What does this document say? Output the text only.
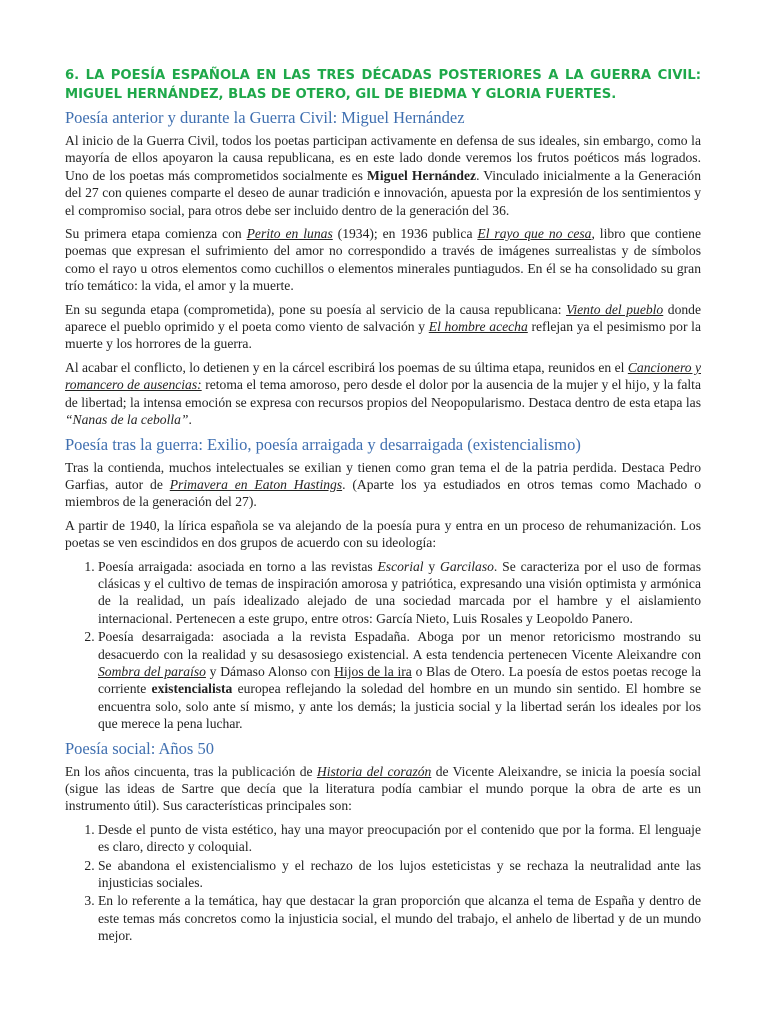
6. LA POESÍA ESPAÑOLA EN LAS TRES DÉCADAS POSTERIORES A LA GUERRA CIVIL: MIGUEL HERNÁNDEZ, BLAS DE OTERO, GIL DE BIEDMA Y GLORIA FUERTES.
Poesía anterior y durante la Guerra Civil: Miguel Hernández

Al inicio de la Guerra Civil, todos los poetas participan activamente en defensa de sus ideales, sin embargo, como la mayoría de ellos apoyaron la causa republicana, es en este lado donde veremos los frutos poéticos más logrados. Uno de los poetas más comprometidos socialmente es Miguel Hernández. Vinculado inicialmente a la Generación del 27 con quienes comparte el deseo de aunar tradición e innovación, apuesta por la expresión de los sentimientos y el compromiso social, para otros debe ser incluido dentro de la generación del 36.

Su primera etapa comienza con Perito en lunas (1934); en 1936 publica El rayo que no cesa, libro que contiene poemas que expresan el sufrimiento del amor no correspondido a través de imágenes surrealistas y de símbolos como el rayo u otros elementos como cuchillos o elementos minerales puntiagudos. En él se ha consolidado su gran trío temático: la vida, el amor y la muerte.

En su segunda etapa (comprometida), pone su poesía al servicio de la causa republicana: Viento del pueblo donde aparece el pueblo oprimido y el poeta como viento de salvación y El hombre acecha reflejan ya el pesimismo por la muerte y los horrores de la guerra.

Al acabar el conflicto, lo detienen y en la cárcel escribirá los poemas de su última etapa, reunidos en el Cancionero y romancero de ausencias: retoma el tema amoroso, pero desde el dolor por la ausencia de la mujer y el hijo, y la falta de libertad; la intensa emoción se expresa con recursos propios del Neopopularismo. Destaca dentro de esta etapa las “Nanas de la cebolla”.

Poesía tras la guerra: Exilio, poesía arraigada y desarraigada (existencialismo)

Tras la contienda, muchos intelectuales se exilian y tienen como gran tema el de la patria perdida. Destaca Pedro Garfias, autor de Primavera en Eaton Hastings. (Aparte los ya estudiados en otros temas como Machado o miembros de la generación del 27).

A partir de 1940, la lírica española se va alejando de la poesía pura y entra en un proceso de rehumanización. Los poetas se ven escindidos en dos grupos de acuerdo con su ideología:

1. Poesía arraigada: asociada en torno a las revistas Escorial y Garcilaso. Se caracteriza por el uso de formas clásicas y el cultivo de temas de inspiración amorosa y patriótica, expresando una visión optimista y armónica de la realidad, un país idealizado alejado de una sociedad marcada por el hambre y el aislamiento internacional. Pertenecen a este grupo, entre otros: García Nieto, Luis Rosales y Leopoldo Panero.
2. Poesía desarraigada: asociada a la revista Espadaña. Aboga por un menor retoricismo mostrando su desacuerdo con la realidad y su desasosiego existencial. A esta tendencia pertenecen Vicente Aleixandre con Sombra del paraíso y Dámaso Alonso con Hijos de la ira o Blas de Otero. La poesía de estos poetas recoge la corriente existencialista europea reflejando la soledad del hombre en un mundo sin sentido. El hombre se encuentra solo, solo ante sí mismo, y ante los demás; la justicia social y la libertad serán los ideales por los que merece la pena luchar.
Poesía social: Años 50

En los años cincuenta, tras la publicación de Historia del corazón de Vicente Aleixandre, se inicia la poesía social (sigue las ideas de Sartre que decía que la literatura podía cambiar el mundo porque la obra de arte es un instrumento útil). Sus características principales son:

1. Desde el punto de vista estético, hay una mayor preocupación por el contenido que por la forma. El lenguaje es claro, directo y coloquial.
2. Se abandona el existencialismo y el rechazo de los lujos esteticistas y se rechaza la neutralidad ante las injusticias sociales.
3. En lo referente a la temática, hay que destacar la gran proporción que alcanza el tema de España y dentro de este temas más concretos como la injusticia social, el mundo del trabajo, el anhelo de libertad y de un mundo mejor.
